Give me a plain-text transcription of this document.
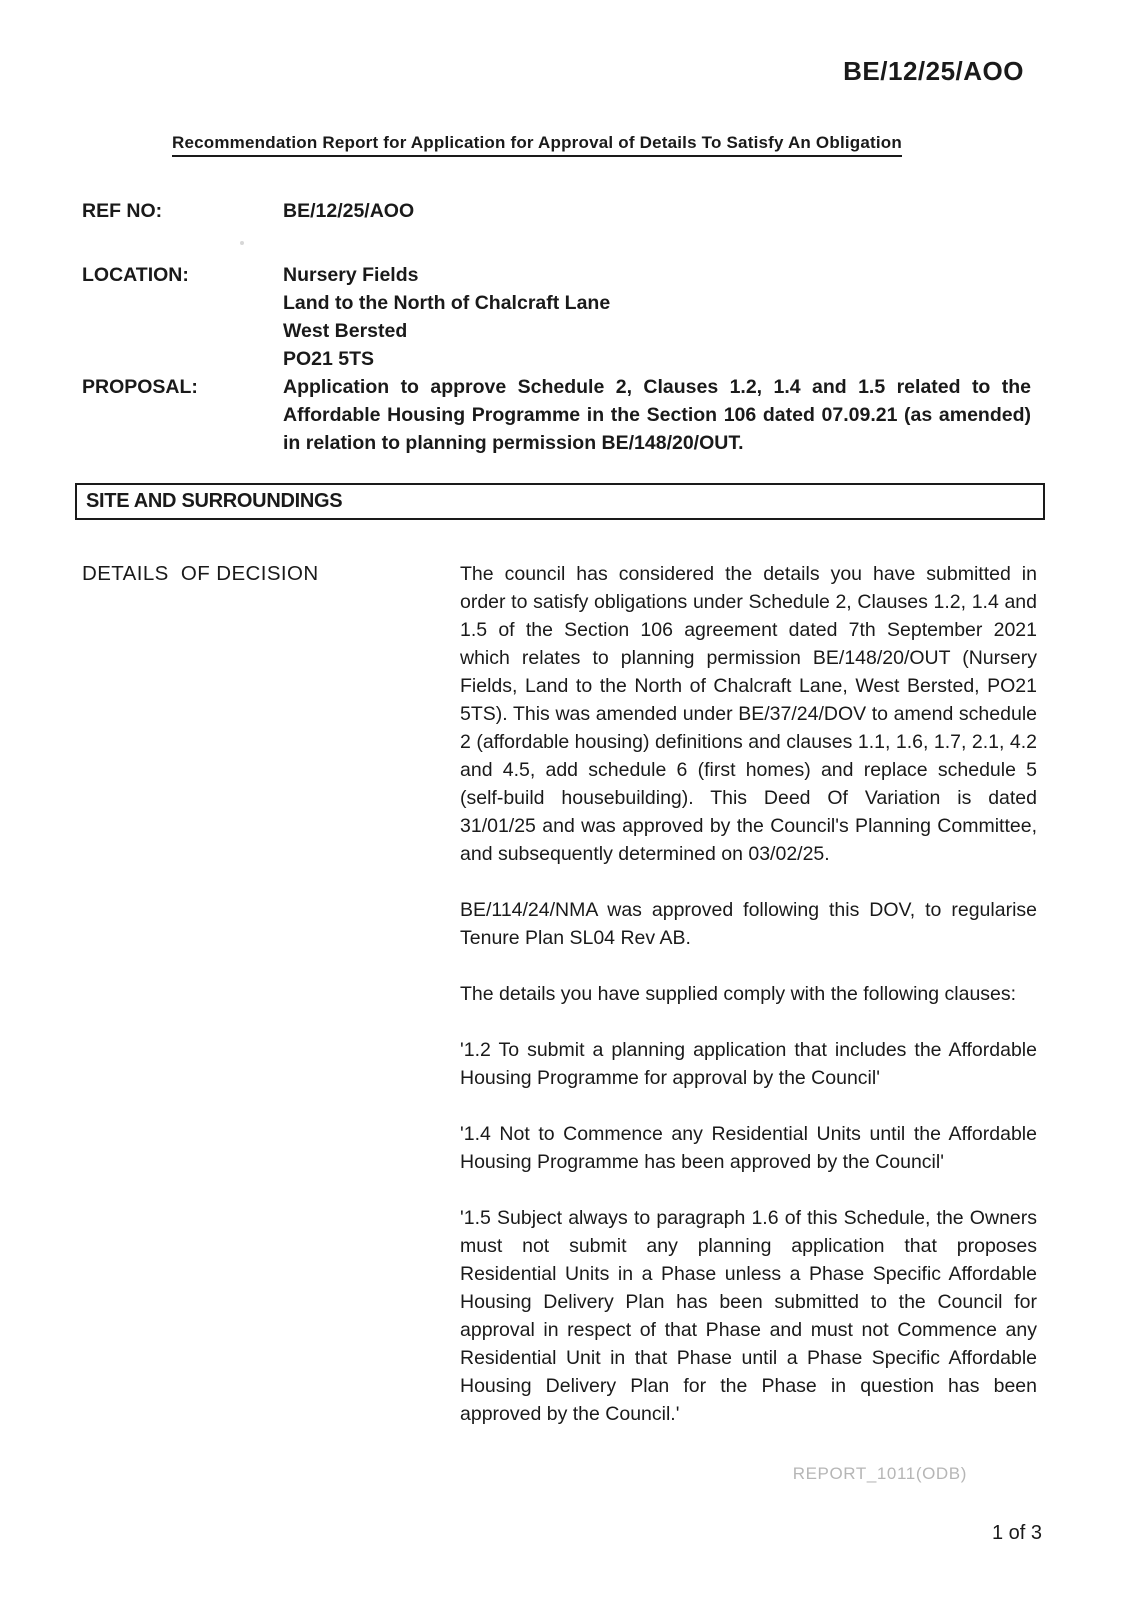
BE/12/25/AOO
Recommendation Report for Application for Approval of Details To Satisfy An Obligation
REF NO:	BE/12/25/AOO
LOCATION:	Nursery Fields
Land to the North of Chalcraft Lane
West Bersted
PO21 5TS
PROPOSAL:	Application to approve Schedule 2, Clauses 1.2, 1.4 and 1.5 related to the Affordable Housing Programme in the Section 106 dated 07.09.21 (as amended) in relation to planning permission BE/148/20/OUT.
SITE AND SURROUNDINGS
DETAILS  OF DECISION	The council has considered the details you have submitted in order to satisfy obligations under Schedule 2, Clauses 1.2, 1.4 and 1.5 of the Section 106 agreement dated 7th September 2021 which relates to planning permission BE/148/20/OUT (Nursery Fields, Land to the North of Chalcraft Lane, West Bersted, PO21 5TS). This was amended under BE/37/24/DOV to amend schedule 2 (affordable housing) definitions and clauses 1.1, 1.6, 1.7, 2.1, 4.2 and 4.5, add schedule 6 (first homes) and replace schedule 5 (self-build housebuilding). This Deed Of Variation is dated 31/01/25 and was approved by the Council's Planning Committee, and subsequently determined on 03/02/25.

BE/114/24/NMA was approved following this DOV, to regularise Tenure Plan SL04 Rev AB.

The details you have supplied comply with the following clauses:

'1.2 To submit a planning application that includes the Affordable Housing Programme for approval by the Council'

'1.4 Not to Commence any Residential Units until the Affordable Housing Programme has been approved by the Council'

'1.5 Subject always to paragraph 1.6 of this Schedule, the Owners must not submit any planning application that proposes Residential Units in a Phase unless a Phase Specific Affordable Housing Delivery Plan has been submitted to the Council for approval in respect of that Phase and must not Commence any Residential Unit in that Phase until a Phase Specific Affordable Housing Delivery Plan for the Phase in question has been approved by the Council.'

REPORT_1011(ODB)
1 of 3
